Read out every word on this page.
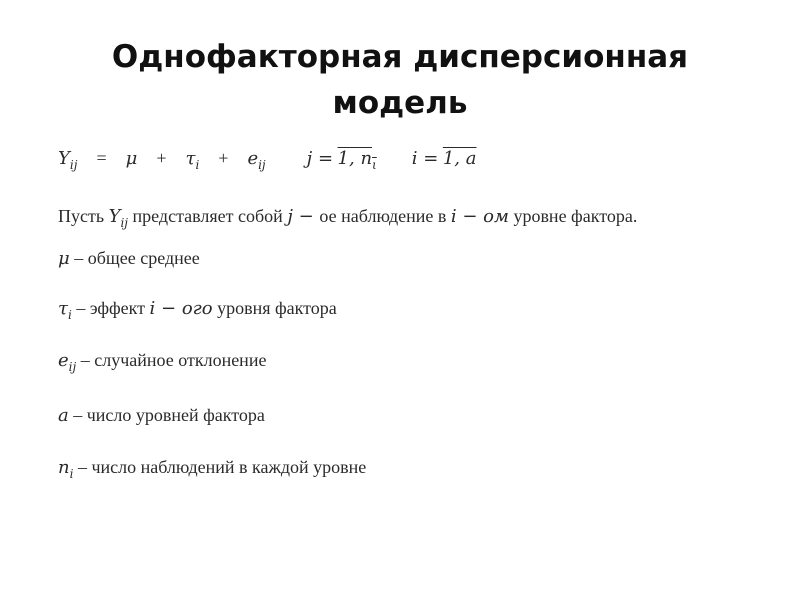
Однофакторная дисперсионная
модель
$Y_{ij} = \mu + \tau_i + e_{ij}$ j = 1, $n_\iota$ i = 1, a
Пусть $Y_{ij}$ представляет собой j − ое наблюдение в i − ом уровне фактора.
μ – общее среднее
$\tau_i$ – эффект i − ого уровня фактора
$e_{ij}$ – случайное отклонение
a – число уровней фактора
$n_i$ – число наблюдений в каждой уровне
